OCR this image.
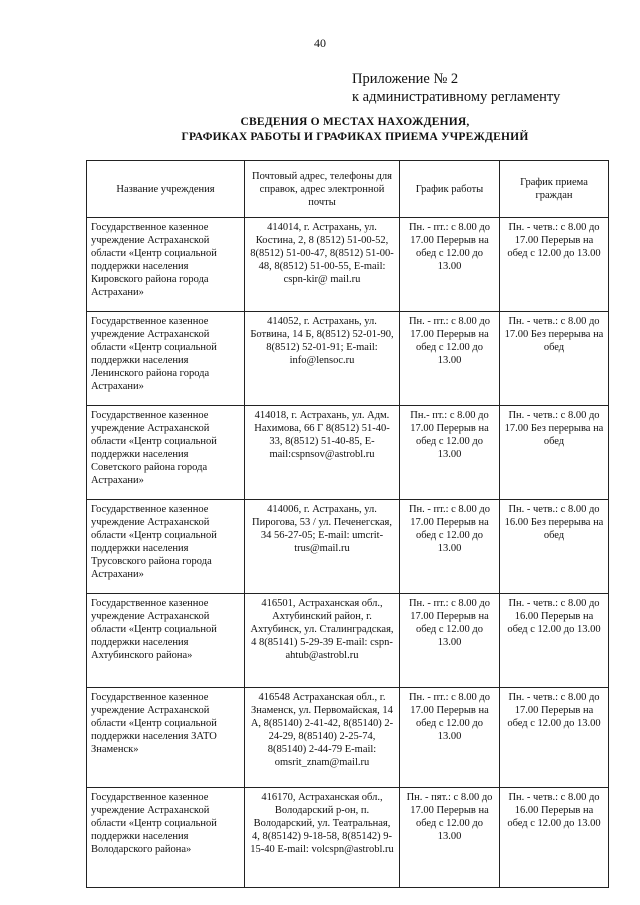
40
Приложение № 2
к административному регламенту
СВЕДЕНИЯ О МЕСТАХ НАХОЖДЕНИЯ,
ГРАФИКАХ РАБОТЫ И ГРАФИКАХ ПРИЕМА УЧРЕЖДЕНИЙ
Название учреждения	Почтовый адрес, телефоны для справок, адрес электронной почты	График работы	График приема граждан
Государственное казенное учреждение Астраханской области «Центр социальной поддержки населения Кировского района города Астрахани»	414014, г. Астрахань, ул. Костина, 2, 8 (8512) 51-00-52, 8(8512) 51-00-47, 8(8512) 51-00-48, 8(8512) 51-00-55, E-mail: cspn-kir@ mail.ru	Пн. - пт.: с 8.00 до 17.00 Перерыв на обед с 12.00 до 13.00	Пн. - четв.: с 8.00 до 17.00 Перерыв на обед с 12.00 до 13.00
Государственное казенное учреждение Астраханской области «Центр социальной поддержки населения Ленинского района города Астрахани»	414052, г. Астрахань, ул. Ботвина, 14 Б, 8(8512) 52-01-90, 8(8512) 52-01-91; E-mail: info@lensoc.ru	Пн. - пт.: с 8.00 до 17.00 Перерыв на обед с 12.00 до 13.00	Пн. - четв.: с 8.00 до 17.00 Без перерыва на обед
Государственное казенное учреждение Астраханской области «Центр социальной поддержки населения Советского района города Астрахани»	414018, г. Астрахань, ул. Адм. Нахимова, 66 Г 8(8512) 51-40-33, 8(8512) 51-40-85, E-mail:cspnsov@astrobl.ru	Пн.- пт.: с 8.00 до 17.00 Перерыв на обед с 12.00 до 13.00	Пн. - четв.: с 8.00 до 17.00 Без перерыва на обед
Государственное казенное учреждение Астраханской области «Центр социальной поддержки населения Трусовского района города Астрахани»	414006, г. Астрахань, ул. Пирогова, 53 / ул. Печенегская, 34 56-27-05; E-mail: umcrit-trus@mail.ru	Пн. - пт.: с 8.00 до 17.00 Перерыв на обед с 12.00 до 13.00	Пн. - четв.: с 8.00 до 16.00 Без перерыва на обед
Государственное казенное учреждение Астраханской области «Центр социальной поддержки населения Ахтубинского района»	416501, Астраханская обл., Ахтубинский район, г. Ахтубинск, ул. Сталинградская, 4 8(85141) 5-29-39 E-mail: cspn-ahtub@astrobl.ru	Пн. - пт.: с 8.00 до 17.00 Перерыв на обед с 12.00 до 13.00	Пн. - четв.: с 8.00 до 16.00 Перерыв на обед с 12.00 до 13.00
Государственное казенное учреждение Астраханской области «Центр социальной поддержки населения ЗАТО Знаменск»	416548 Астраханская обл., г. Знаменск, ул. Первомайская, 14 А, 8(85140) 2-41-42, 8(85140) 2-24-29, 8(85140) 2-25-74, 8(85140) 2-44-79 E-mail: omsrit_znam@mail.ru	Пн. - пт.: с 8.00 до 17.00 Перерыв на обед с 12.00 до 13.00	Пн. - четв.: с 8.00 до 17.00 Перерыв на обед с 12.00 до 13.00
Государственное казенное учреждение Астраханской области «Центр социальной поддержки населения Володарского района»	416170, Астраханская обл., Володарский р-он, п. Володарский, ул. Театральная, 4, 8(85142) 9-18-58, 8(85142) 9-15-40 E-mail: volcspn@astrobl.ru	Пн. - пят.: с 8.00 до 17.00 Перерыв на обед с 12.00 до 13.00	Пн. - четв.: с 8.00 до 16.00 Перерыв на обед с 12.00 до 13.00
